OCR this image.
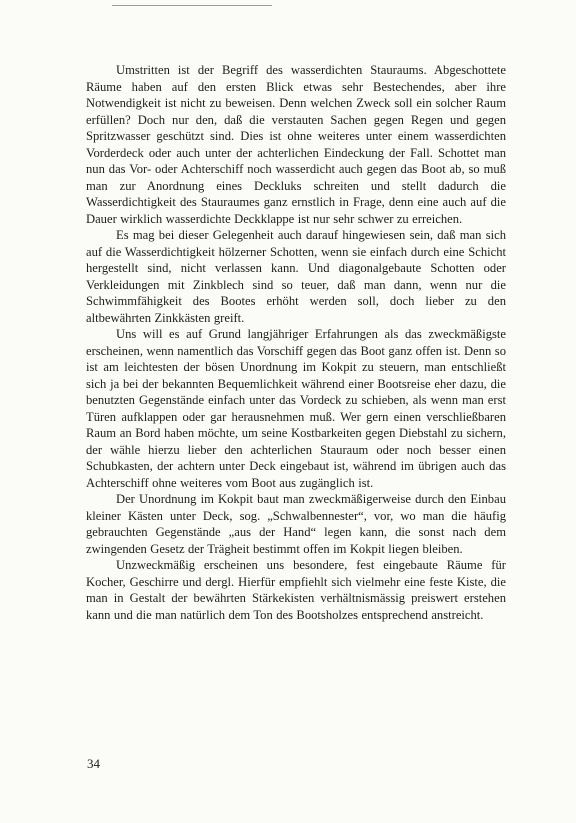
Umstritten ist der Begriff des wasserdichten Stauraums. Abgeschottete Räume haben auf den ersten Blick etwas sehr Bestechendes, aber ihre Notwendigkeit ist nicht zu beweisen. Denn welchen Zweck soll ein solcher Raum erfüllen? Doch nur den, daß die verstauten Sachen gegen Regen und gegen Spritzwasser geschützt sind. Dies ist ohne weiteres unter einem wasserdichten Vorderdeck oder auch unter der achterlichen Eindeckung der Fall. Schottet man nun das Vor- oder Achterschiff noch wasserdicht auch gegen das Boot ab, so muß man zur Anordnung eines Deckluks schreiten und stellt dadurch die Wasserdichtigkeit des Stauraumes ganz ernstlich in Frage, denn eine auch auf die Dauer wirklich wasserdichte Deckklappe ist nur sehr schwer zu erreichen.

Es mag bei dieser Gelegenheit auch darauf hingewiesen sein, daß man sich auf die Wasserdichtigkeit hölzerner Schotten, wenn sie einfach durch eine Schicht hergestellt sind, nicht verlassen kann. Und diagonalgebaute Schotten oder Verkleidungen mit Zinkblech sind so teuer, daß man dann, wenn nur die Schwimmfähigkeit des Bootes erhöht werden soll, doch lieber zu den altbewährten Zinkkästen greift.

Uns will es auf Grund langjähriger Erfahrungen als das zweckmäßigste erscheinen, wenn namentlich das Vorschiff gegen das Boot ganz offen ist. Denn so ist am leichtesten der bösen Unordnung im Kokpit zu steuern, man entschließt sich ja bei der bekannten Bequemlichkeit während einer Bootsreise eher dazu, die benutzten Gegenstände einfach unter das Vordeck zu schieben, als wenn man erst Türen aufklappen oder gar herausnehmen muß. Wer gern einen verschließbaren Raum an Bord haben möchte, um seine Kostbarkeiten gegen Diebstahl zu sichern, der wähle hierzu lieber den achterlichen Stauraum oder noch besser einen Schubkasten, der achtern unter Deck eingebaut ist, während im übrigen auch das Achterschiff ohne weiteres vom Boot aus zugänglich ist.

Der Unordnung im Kokpit baut man zweckmäßigerweise durch den Einbau kleiner Kästen unter Deck, sog. „Schwalbennester“, vor, wo man die häufig gebrauchten Gegenstände „aus der Hand“ legen kann, die sonst nach dem zwingenden Gesetz der Trägheit bestimmt offen im Kokpit liegen bleiben.

Unzweckmäßig erscheinen uns besondere, fest eingebaute Räume für Kocher, Geschirre und dergl. Hierfür empfiehlt sich vielmehr eine feste Kiste, die man in Gestalt der bewährten Stärkekisten verhältnismässig preiswert erstehen kann und die man natürlich dem Ton des Bootsholzes entsprechend anstreicht.

34
